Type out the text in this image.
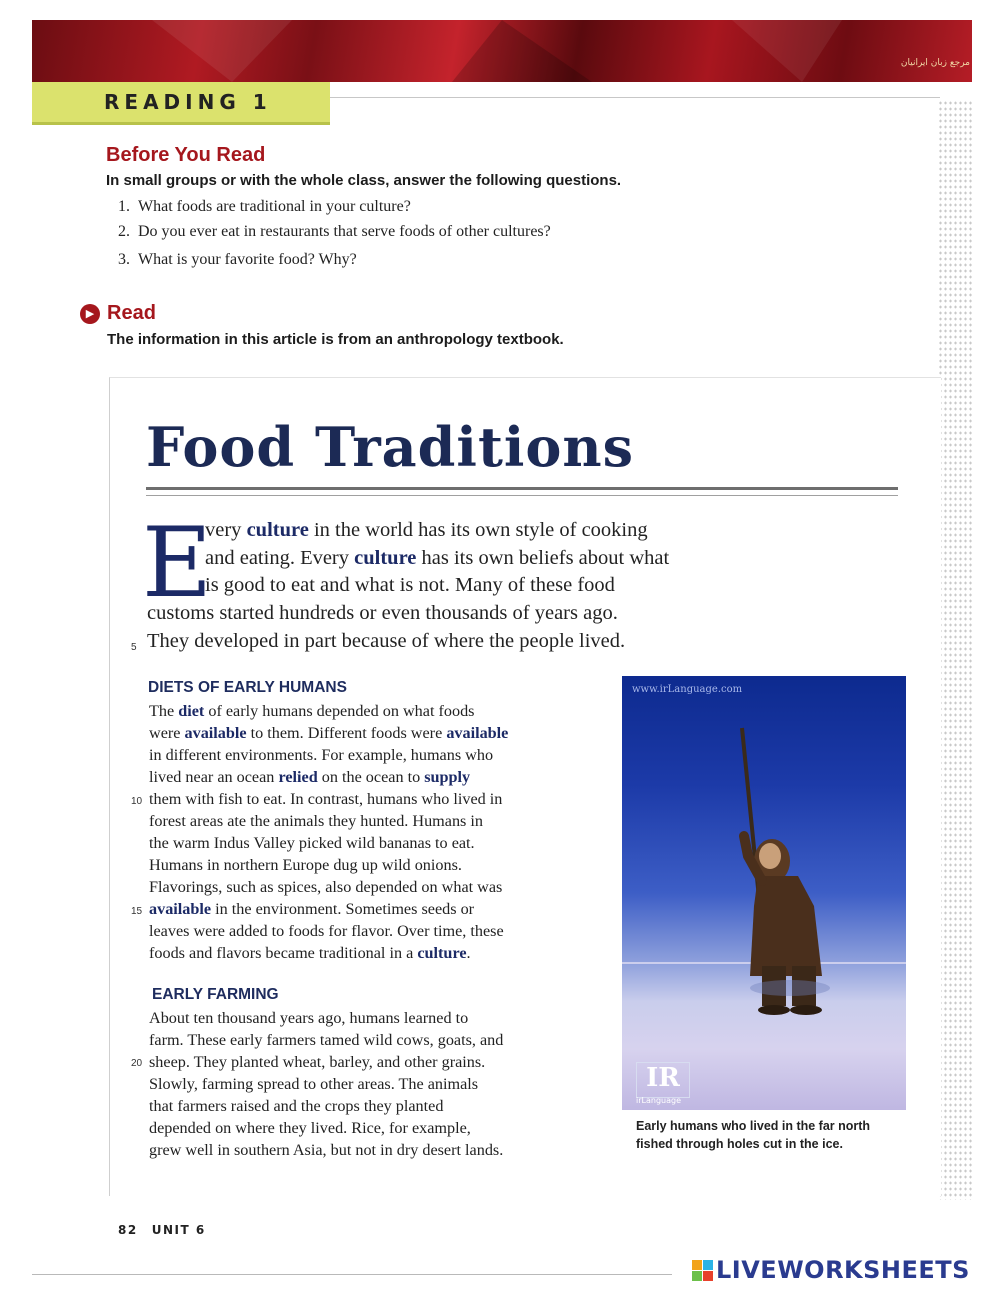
مرجع زبان ایرانیان
READING 1
Before You Read
In small groups or with the whole class, answer the following questions.
1. What foods are traditional in your culture?
2. Do you ever eat in restaurants that serve foods of other cultures?
3. What is your favorite food? Why?
▶ Read
The information in this article is from an anthropology textbook.
Food Traditions
E
very culture in the world has its own style of cooking
and eating. Every culture has its own beliefs about what
is good to eat and what is not. Many of these food
customs started hundreds or even thousands of years ago.
They developed in part because of where the people lived.
5
DIETS OF EARLY HUMANS
The diet of early humans depended on what foods
were available to them. Different foods were available
in different environments. For example, humans who
lived near an ocean relied on the ocean to supply
them with fish to eat. In contrast, humans who lived in
10
forest areas ate the animals they hunted. Humans in
the warm Indus Valley picked wild bananas to eat.
Humans in northern Europe dug up wild onions.
Flavorings, such as spices, also depended on what was
available in the environment. Sometimes seeds or
15
leaves were added to foods for flavor. Over time, these
foods and flavors became traditional in a culture.
EARLY FARMING
About ten thousand years ago, humans learned to
farm. These early farmers tamed wild cows, goats, and
sheep. They planted wheat, barley, and other grains.
20
Slowly, farming spread to other areas. The animals
that farmers raised and the crops they planted
depended on where they lived. Rice, for example,
grew well in southern Asia, but not in dry desert lands.
www.irLanguage.com
IR
irLanguage
Early humans who lived in the far north
fished through holes cut in the ice.
82 UNIT 6
LIVEWORKSHEETS
